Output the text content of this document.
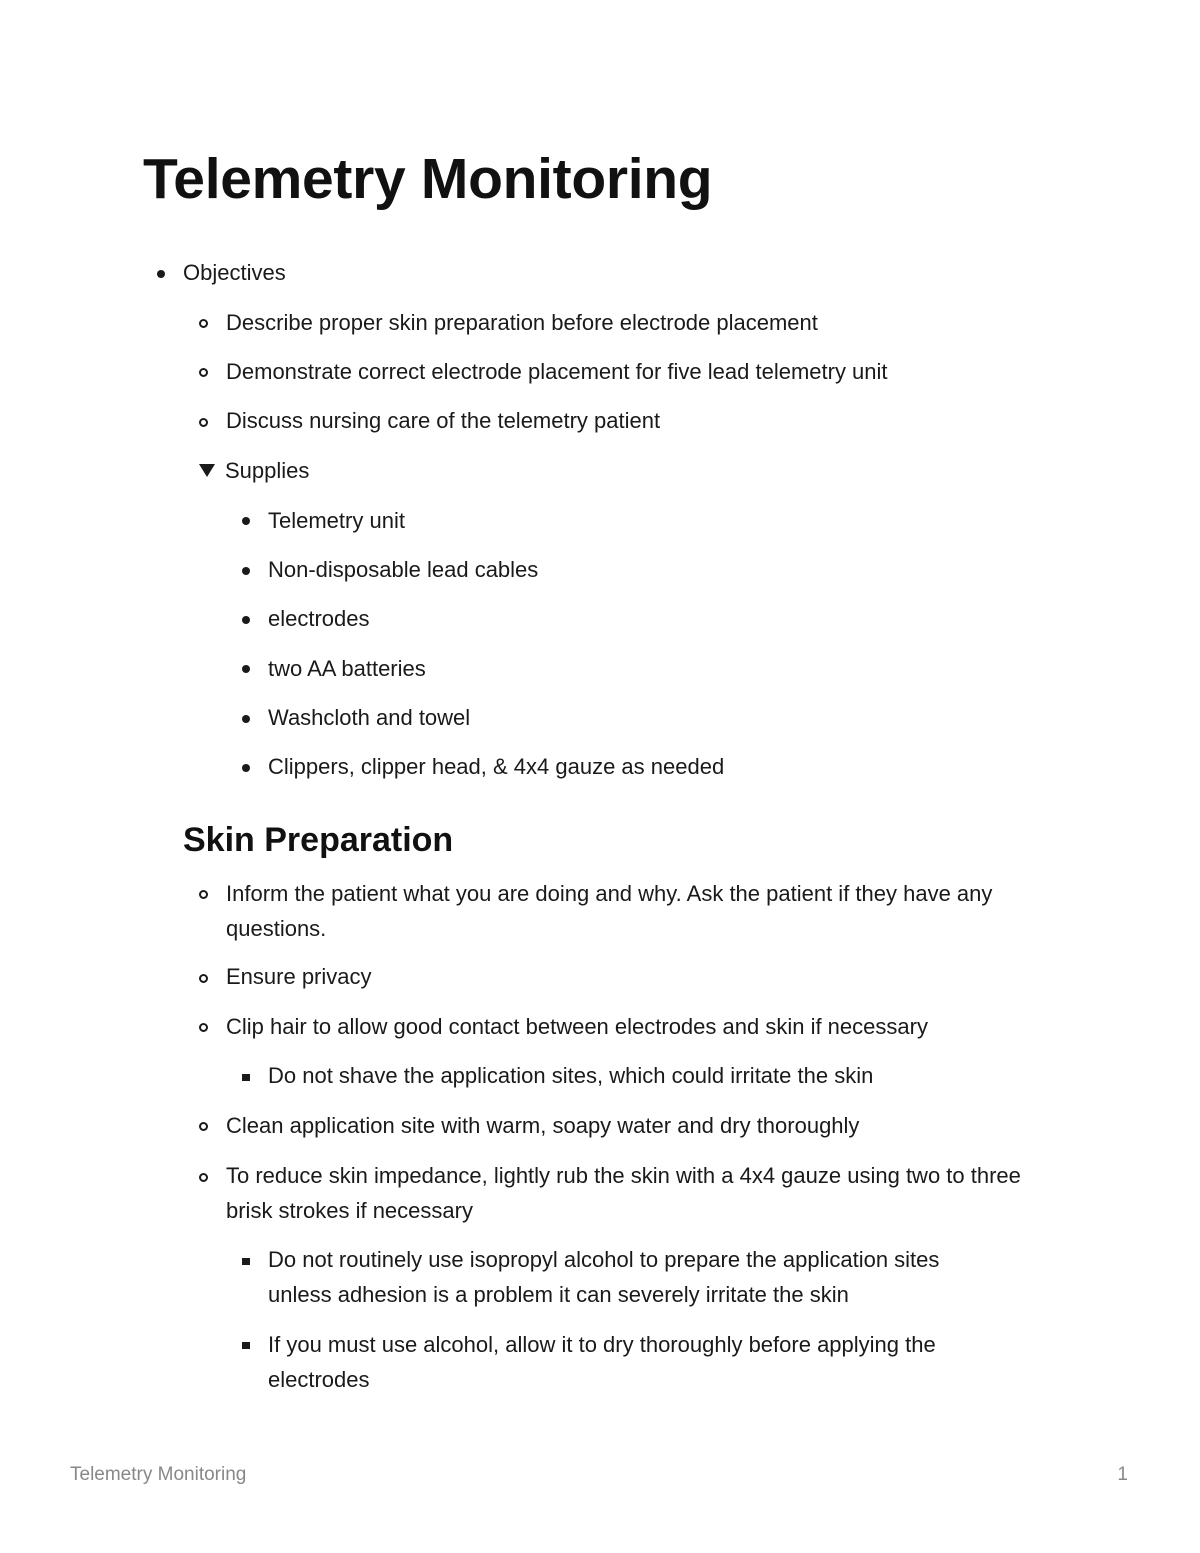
Telemetry Monitoring
Objectives
Describe proper skin preparation before electrode placement
Demonstrate correct electrode placement for five lead telemetry unit
Discuss nursing care of the telemetry patient
Supplies
Telemetry unit
Non-disposable lead cables
electrodes
two AA batteries
Washcloth and towel
Clippers, clipper head, & 4x4 gauze as needed
Skin Preparation
Inform the patient what you are doing and why. Ask the patient if they have any questions.
Ensure privacy
Clip hair to allow good contact between electrodes and skin if necessary
Do not shave the application sites, which could irritate the skin
Clean application site with warm, soapy water and dry thoroughly
To reduce skin impedance, lightly rub the skin with a 4x4 gauze using two to three brisk strokes if necessary
Do not routinely use isopropyl alcohol to prepare the application sites unless adhesion is a problem it can severely irritate the skin
If you must use alcohol, allow it to dry thoroughly before applying the electrodes
Telemetry Monitoring	1
